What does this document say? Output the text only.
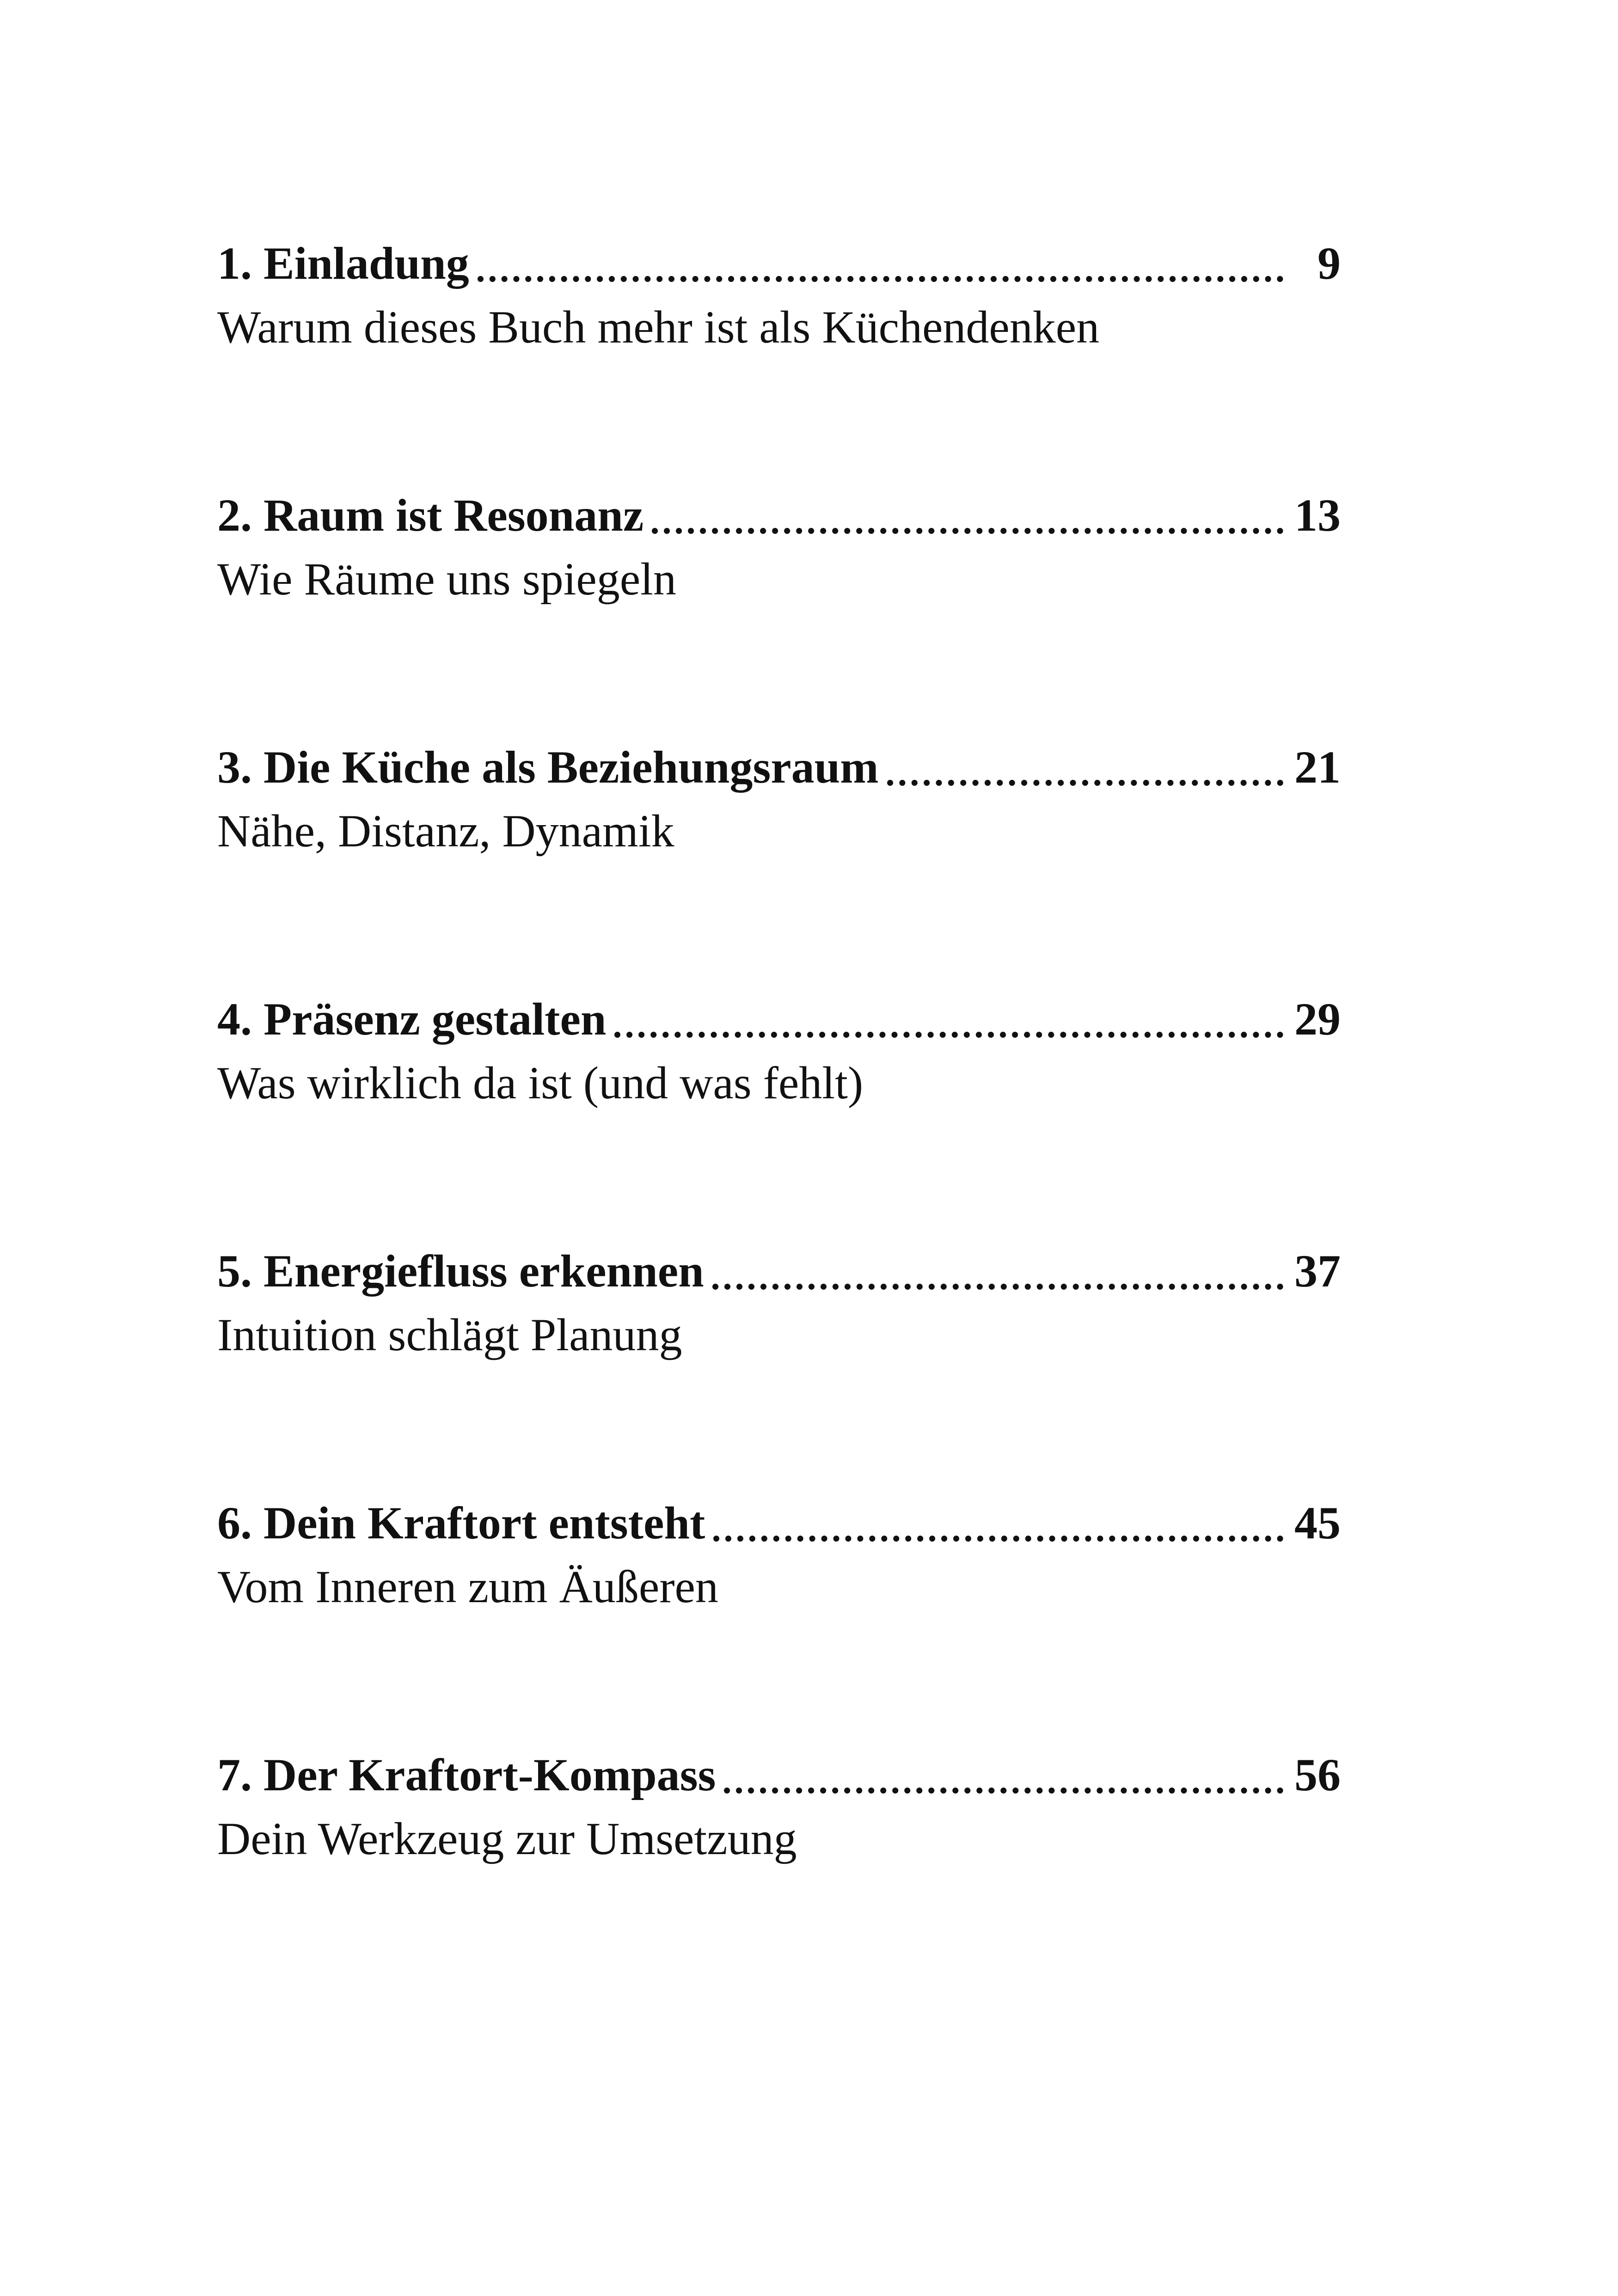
1. Einladung	9
Warum dieses Buch mehr ist als Küchendenken
2. Raum ist Resonanz	13
Wie Räume uns spiegeln
3. Die Küche als Beziehungsraum	21
Nähe, Distanz, Dynamik
4. Präsenz gestalten	29
Was wirklich da ist (und was fehlt)
5. Energiefluss erkennen	37
Intuition schlägt Planung
6. Dein Kraftort entsteht	45
Vom Inneren zum Äußeren
7. Der Kraftort-Kompass	56
Dein Werkzeug zur Umsetzung
